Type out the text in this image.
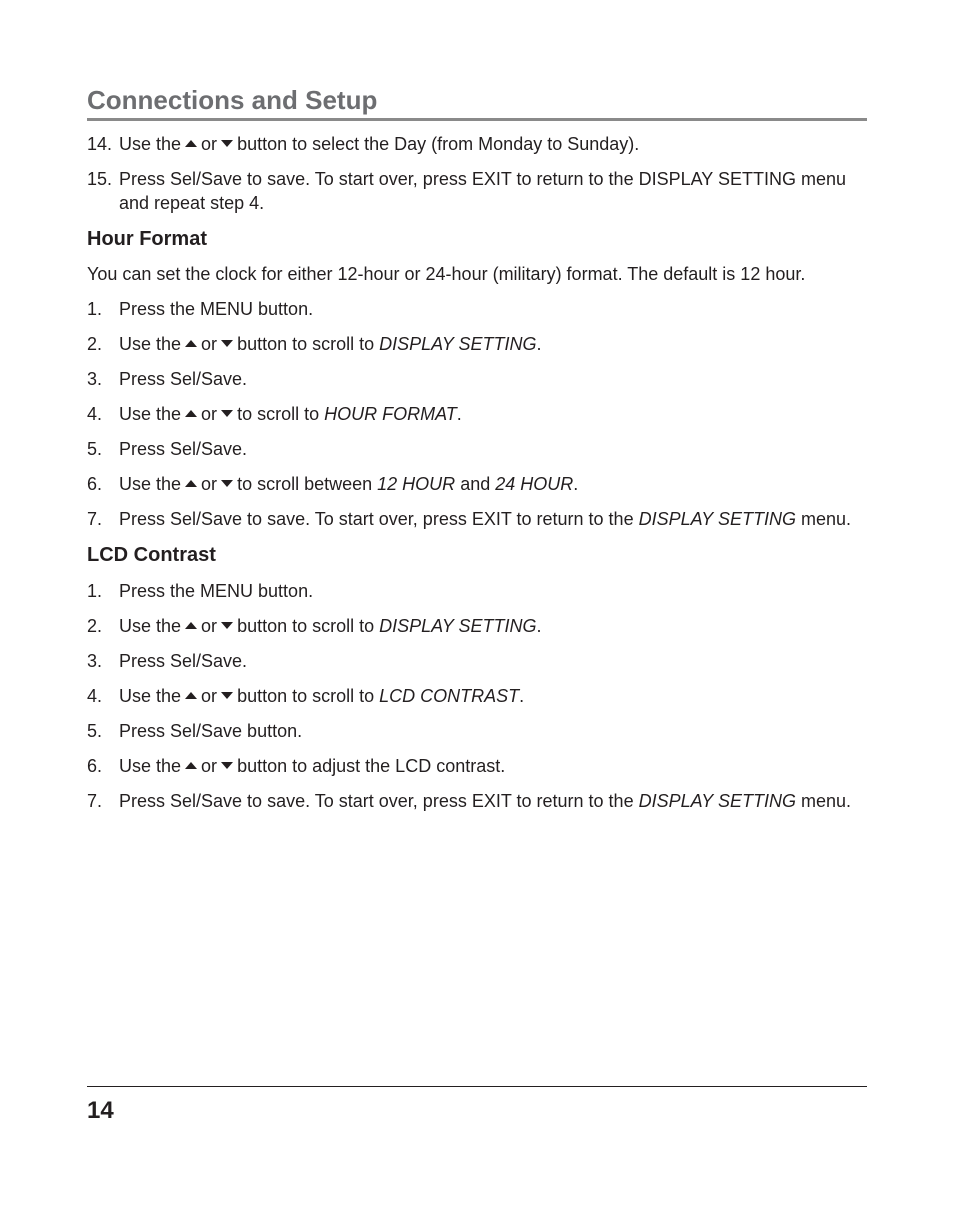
Connections and Setup
14. Use the or button to select the Day (from Monday to Sunday).
15. Press Sel/Save to save. To start over, press EXIT to return to the DISPLAY SETTING menu and repeat step 4.
Hour Format

You can set the clock for either 12-hour or 24-hour (military) format. The default is 12 hour.

1. Press the MENU button.
2. Use the or button to scroll to DISPLAY SETTING.
3. Press Sel/Save.
4. Use the or to scroll to HOUR FORMAT.
5. Press Sel/Save.
6. Use the or to scroll between 12 HOUR and 24 HOUR.
7. Press Sel/Save to save. To start over, press EXIT to return to the DISPLAY SETTING menu.
LCD Contrast
1. Press the MENU button.
2. Use the or button to scroll to DISPLAY SETTING.
3. Press Sel/Save.
4. Use the or button to scroll to LCD CONTRAST.
5. Press Sel/Save button.
6. Use the or button to adjust the LCD contrast.
7. Press Sel/Save to save. To start over, press EXIT to return to the DISPLAY SETTING menu.
14
